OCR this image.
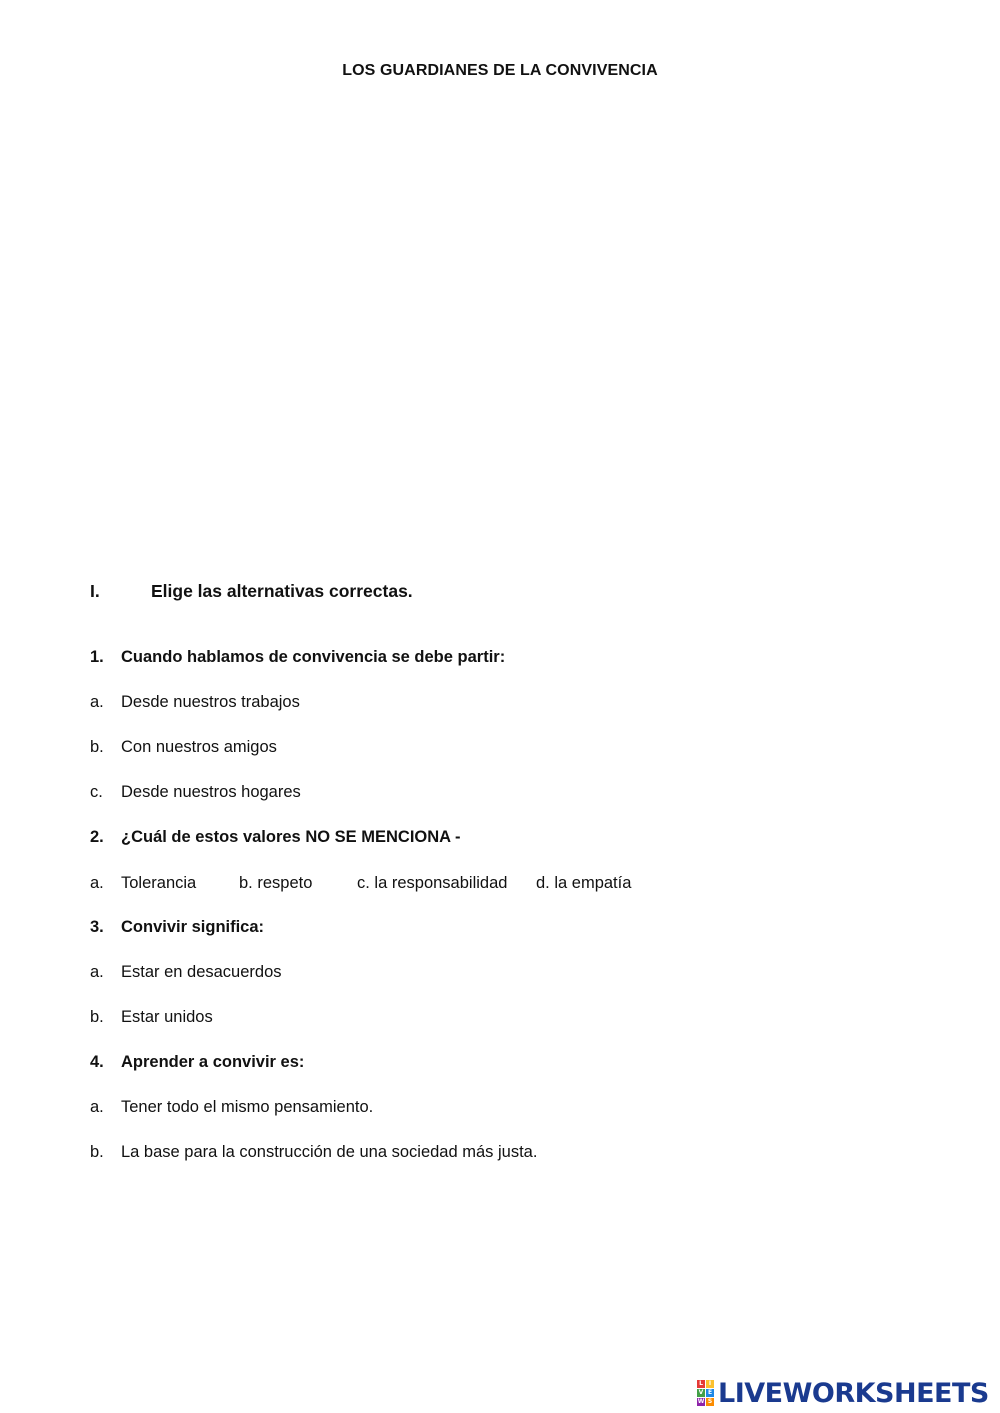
LOS GUARDIANES DE LA CONVIVENCIA
I.	Elige las alternativas correctas.
1. Cuando hablamos de convivencia se debe partir:
a. Desde nuestros trabajos
b. Con nuestros amigos
c. Desde nuestros hogares
2. ¿Cuál de estos valores NO SE MENCIONA -
a. Tolerancia	b. respeto	c. la responsabilidad d. la empatía
3. Convivir significa:
a. Estar en desacuerdos
b. Estar unidos
4. Aprender a convivir es:
a. Tener todo el mismo pensamiento.
b. La base para la construcción de una sociedad más justa.
L I
V E
W S LIVEWORKSHEETS
